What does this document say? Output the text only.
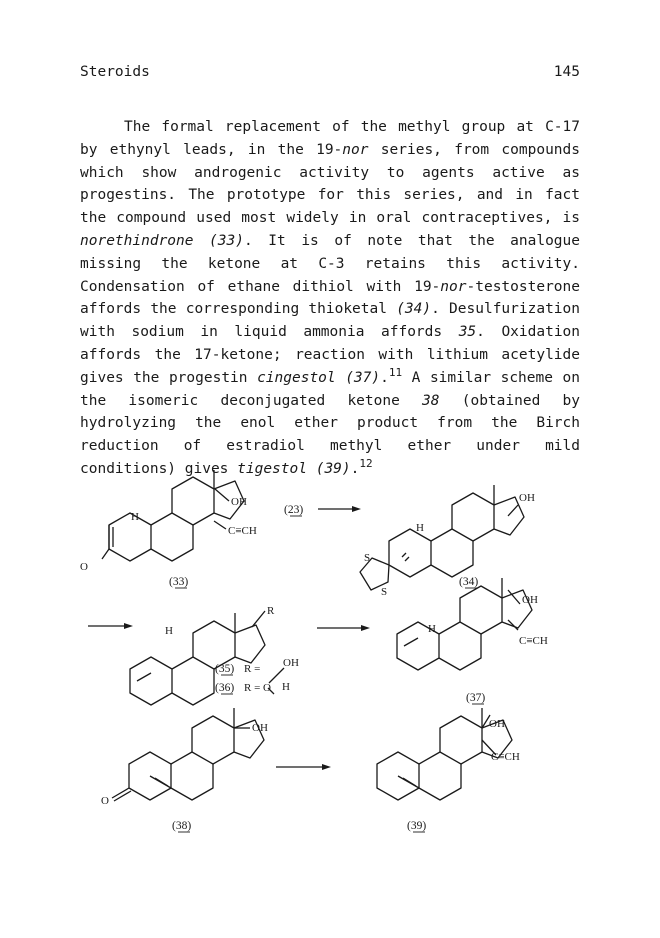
Steroids	145

The formal replacement of the methyl group at C-17 by ethynyl leads, in the 19-nor series, from compounds which show androgenic activity to agents active as progestins. The prototype for this series, and in fact the compound used most widely in oral contraceptives, is norethindrone (33). It is of note that the analogue missing the ketone at C-3 retains this activity. Condensation of ethane dithiol with 19-nor-testosterone affords the corresponding thioketal (34). Desulfurization with sodium in liquid ammonia affords 35. Oxidation affords the 17-ketone; reaction with lithium acetylide gives the progestin cingestol (37).$^{11}$ A similar scheme on the isomeric deconjugated ketone 38 (obtained by hydrolyzing the enol ether product from the Birch reduction of estradiol methyl ether under mild conditions) gives tigestol (39).$^{12}$

H
O
OH
C≡CH
(33)
(23)
H
S
S
OH
(34)
H
R
OH
H
(35) R =
(36) R = O
H
OH
C≡CH
(37)
O
OH
(38)
OH
C≡CH
(39)
